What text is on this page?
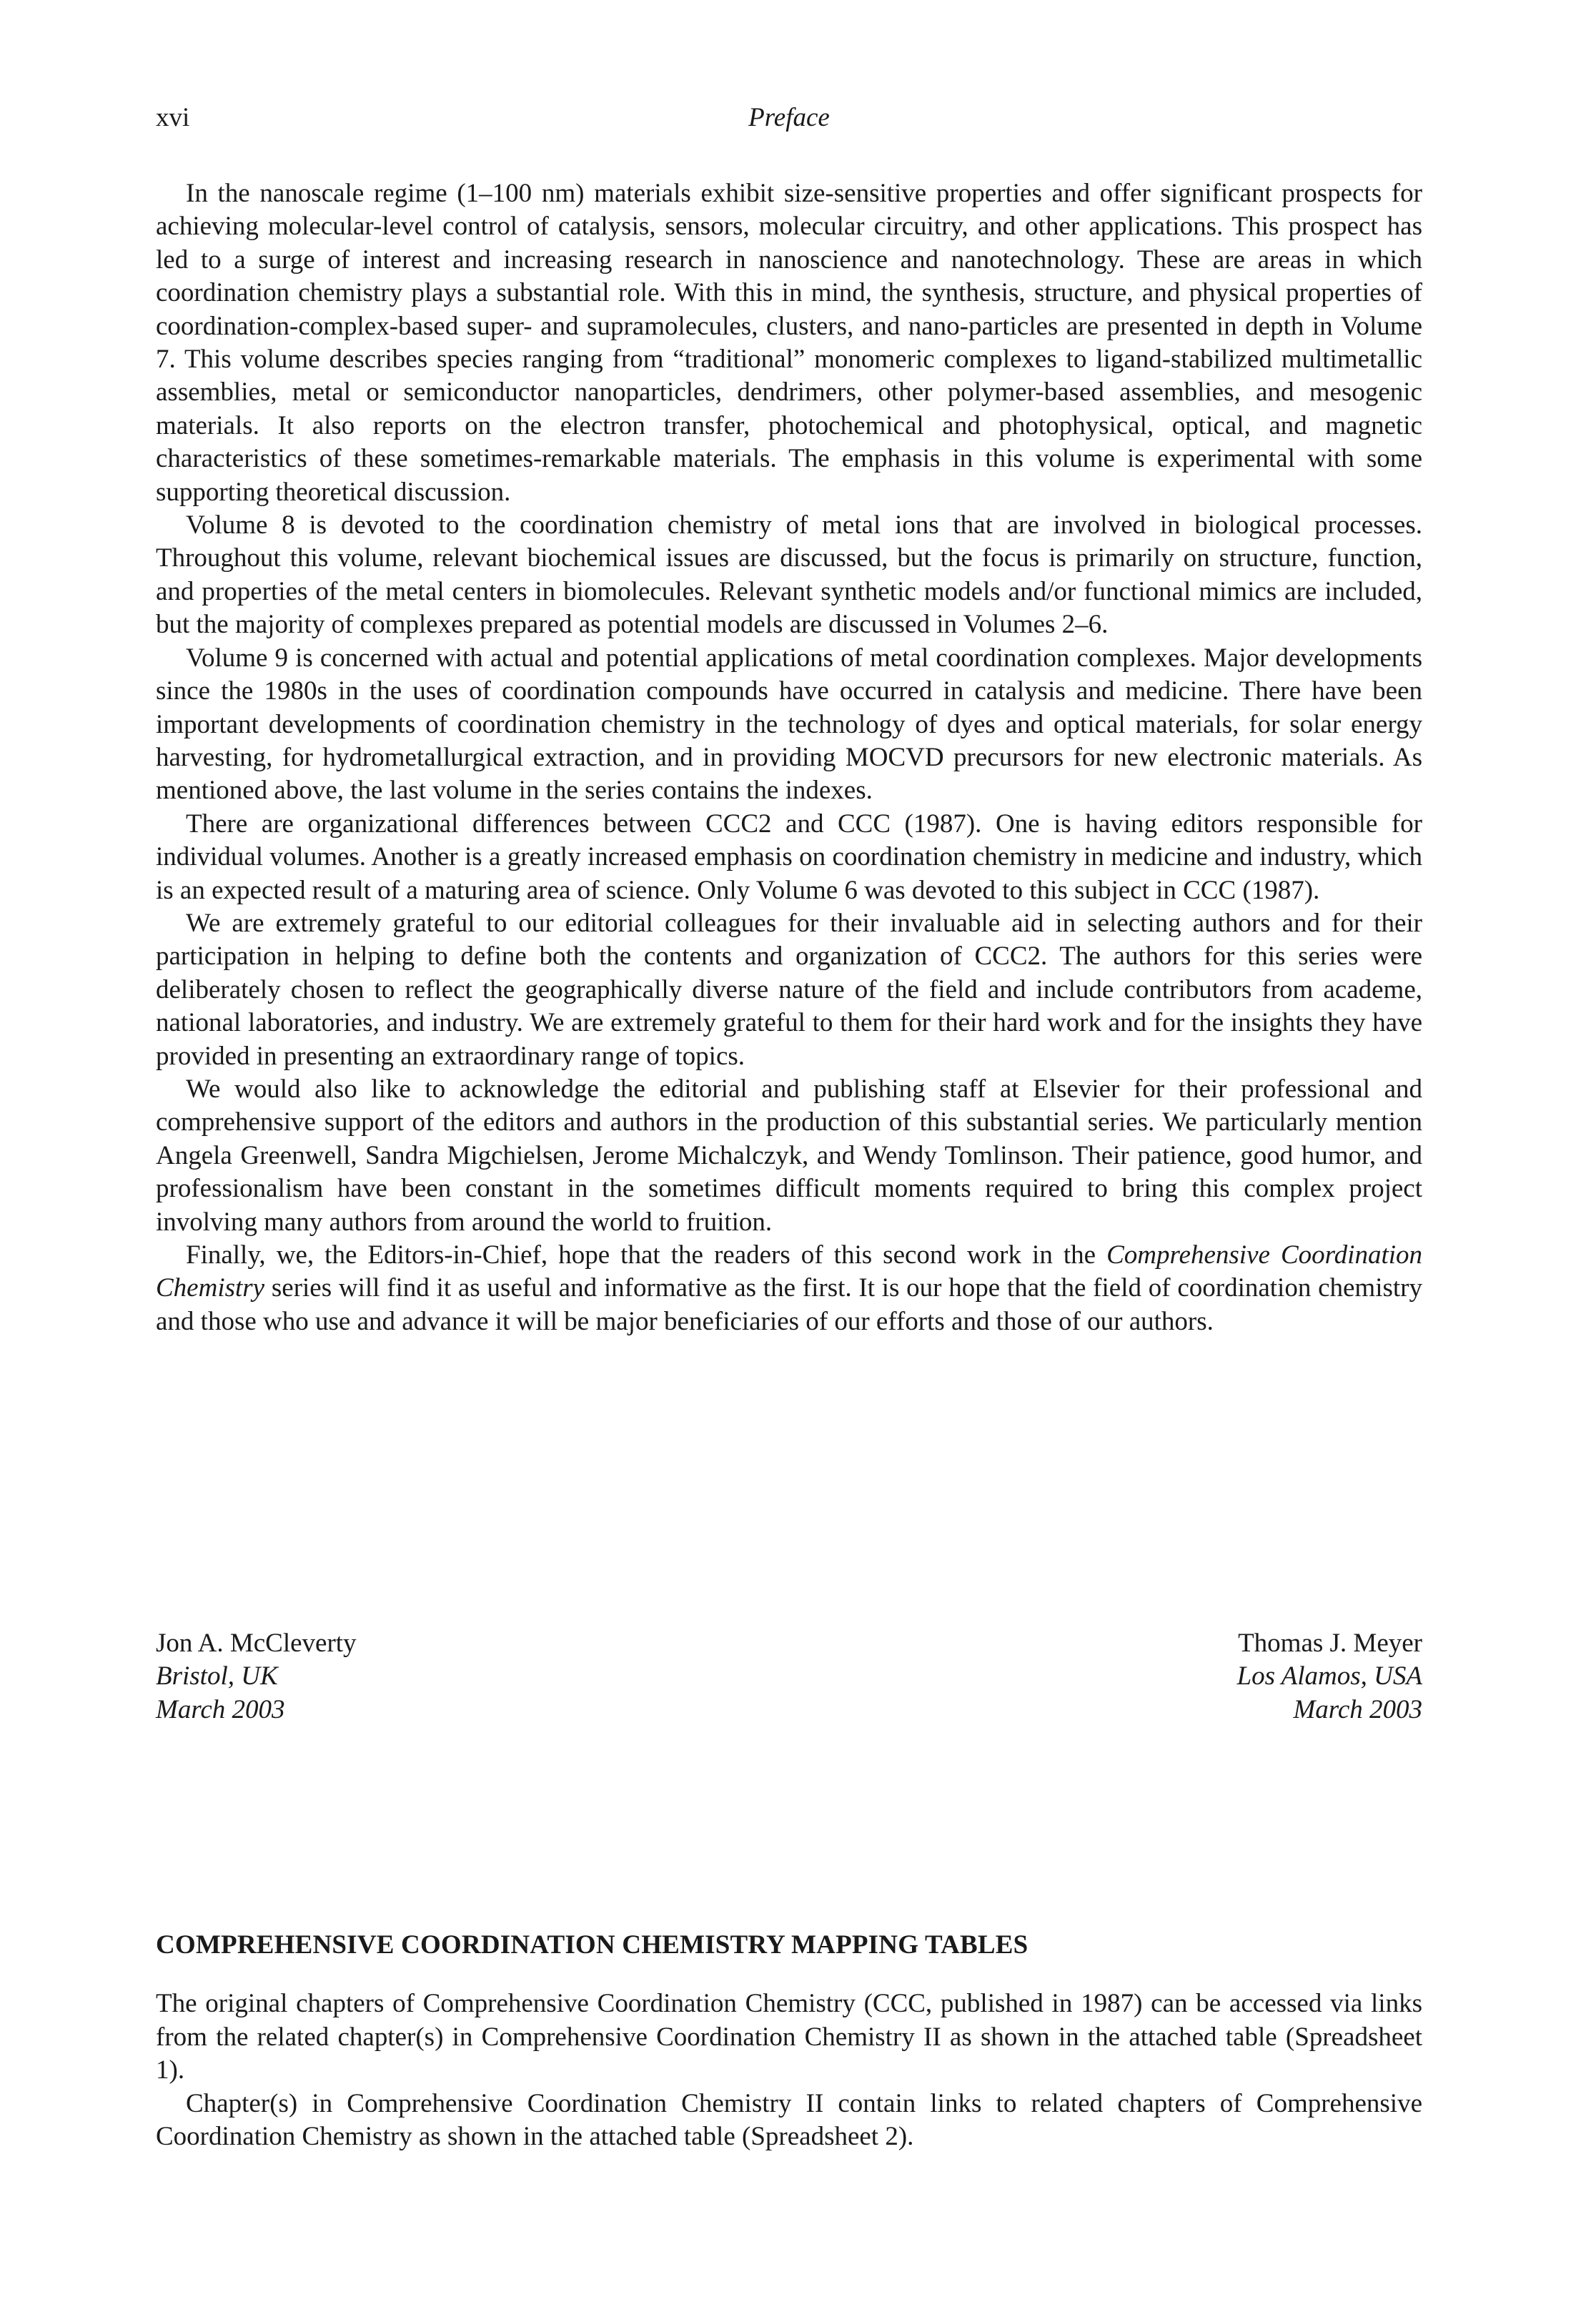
xvi	Preface

In the nanoscale regime (1–100 nm) materials exhibit size-sensitive properties and offer significant prospects for achieving molecular-level control of catalysis, sensors, molecular circuitry, and other applications. This prospect has led to a surge of interest and increasing research in nanoscience and nanotechnology. These are areas in which coordination chemistry plays a substantial role. With this in mind, the synthesis, structure, and physical properties of coordination-complex-based super- and supramolecules, clusters, and nano-particles are presented in depth in Volume 7. This volume describes species ranging from “traditional” monomeric complexes to ligand-stabilized multimetallic assemblies, metal or semiconductor nanoparticles, dendrimers, other polymer-based assemblies, and mesogenic materials. It also reports on the electron transfer, photochemical and photophysical, optical, and magnetic characteristics of these sometimes-remarkable materials. The emphasis in this volume is experimental with some supporting theoretical discussion.

Volume 8 is devoted to the coordination chemistry of metal ions that are involved in biological processes. Throughout this volume, relevant biochemical issues are discussed, but the focus is primarily on structure, function, and properties of the metal centers in biomolecules. Relevant synthetic models and/or functional mimics are included, but the majority of complexes prepared as potential models are discussed in Volumes 2–6.

Volume 9 is concerned with actual and potential applications of metal coordination complexes. Major developments since the 1980s in the uses of coordination compounds have occurred in catalysis and medicine. There have been important developments of coordination chemistry in the technology of dyes and optical materials, for solar energy harvesting, for hydrometallurgical extraction, and in providing MOCVD precursors for new electronic materials. As mentioned above, the last volume in the series contains the indexes.

There are organizational differences between CCC2 and CCC (1987). One is having editors responsible for individual volumes. Another is a greatly increased emphasis on coordination chemistry in medicine and industry, which is an expected result of a maturing area of science. Only Volume 6 was devoted to this subject in CCC (1987).

We are extremely grateful to our editorial colleagues for their invaluable aid in selecting authors and for their participation in helping to define both the contents and organization of CCC2. The authors for this series were deliberately chosen to reflect the geographically diverse nature of the field and include contributors from academe, national laboratories, and industry. We are extremely grateful to them for their hard work and for the insights they have provided in presenting an extraordinary range of topics.

We would also like to acknowledge the editorial and publishing staff at Elsevier for their professional and comprehensive support of the editors and authors in the production of this substantial series. We particularly mention Angela Greenwell, Sandra Migchielsen, Jerome Michalczyk, and Wendy Tomlinson. Their patience, good humor, and professionalism have been constant in the sometimes difficult moments required to bring this complex project involving many authors from around the world to fruition.

Finally, we, the Editors-in-Chief, hope that the readers of this second work in the Comprehensive Coordination Chemistry series will find it as useful and informative as the first. It is our hope that the field of coordination chemistry and those who use and advance it will be major beneficiaries of our efforts and those of our authors.

Jon A. McCleverty
Bristol, UK
March 2003
Thomas J. Meyer
Los Alamos, USA
March 2003
COMPREHENSIVE COORDINATION CHEMISTRY MAPPING TABLES

The original chapters of Comprehensive Coordination Chemistry (CCC, published in 1987) can be accessed via links from the related chapter(s) in Comprehensive Coordination Chemistry II as shown in the attached table (Spreadsheet 1).

Chapter(s) in Comprehensive Coordination Chemistry II contain links to related chapters of Comprehensive Coordination Chemistry as shown in the attached table (Spreadsheet 2).
